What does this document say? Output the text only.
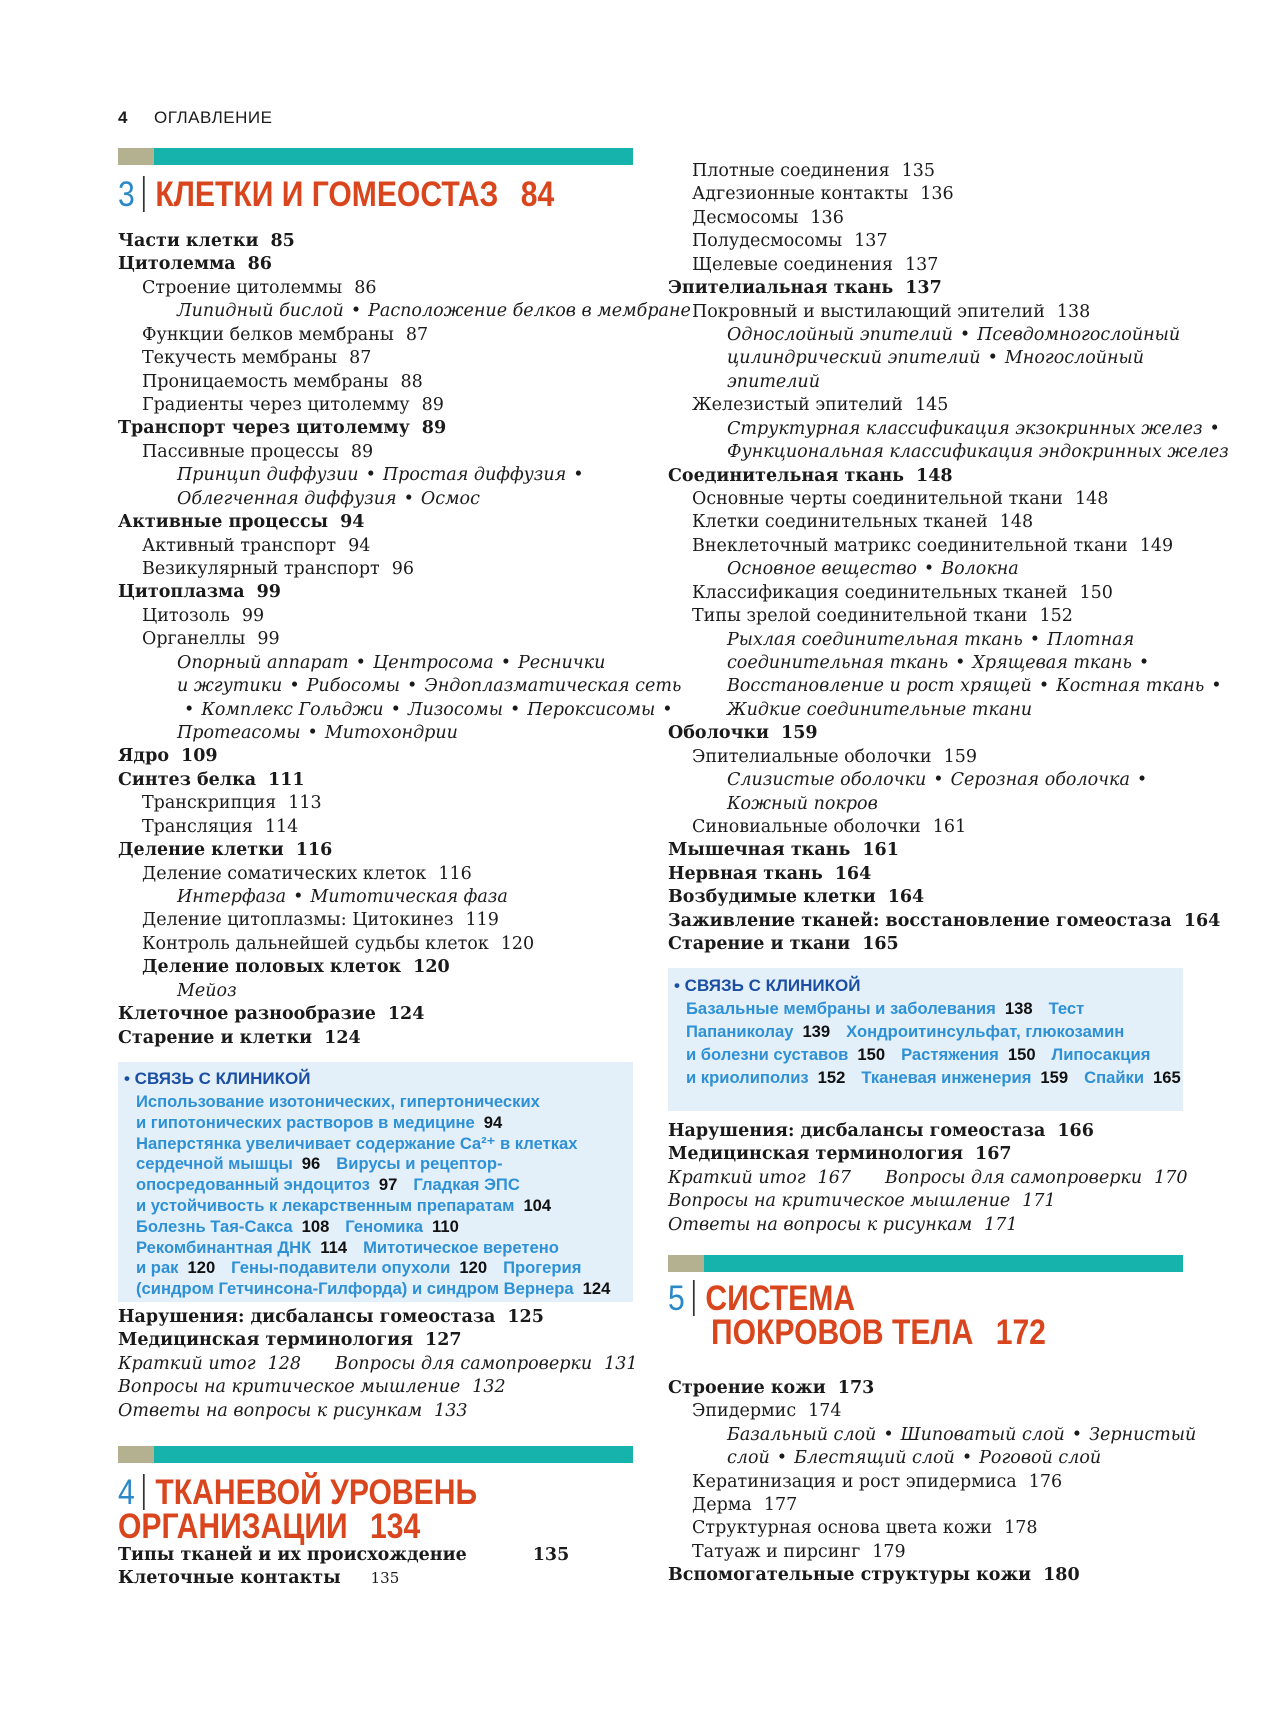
4 ОГЛАВЛЕНИЕ
3 КЛЕТКИ И ГОМЕОСТАЗ 84
Части клетки 85
Цитолемма 86
Строение цитолеммы 86
Липидный бислой • Расположение белков в мембране
Функции белков мембраны 87
Текучесть мембраны 87
Проницаемость мембраны 88
Градиенты через цитолемму 89
Транспорт через цитолемму 89
Пассивные процессы 89
Принцип диффузии • Простая диффузия •
Облегченная диффузия • Осмос
Активные процессы 94
Активный транспорт 94
Везикулярный транспорт 96
Цитоплазма 99
Цитозоль 99
Органеллы 99
Опорный аппарат • Центросома • Реснички
и жгутики • Рибосомы • Эндоплазматическая сеть
• Комплекс Гольджи • Лизосомы • Пероксисомы •
Протеасомы • Митохондрии
Ядро 109
Синтез белка 111
Транскрипция 113
Трансляция 114
Деление клетки 116
Деление соматических клеток 116
Интерфаза • Митотическая фаза
Деление цитоплазмы: Цитокинез 119
Контроль дальнейшей судьбы клеток 120
Деление половых клеток 120
Мейоз
Клеточное разнообразие 124
Старение и клетки 124
• СВЯЗЬ С КЛИНИКОЙ
Использование изотонических, гипертонических
и гипотонических растворов в медицине 94
Наперстянка увеличивает содержание Ca²⁺ в клетках
сердечной мышцы 96 Вирусы и рецептор-
опосредованный эндоцитоз 97 Гладкая ЭПС
и устойчивость к лекарственным препаратам 104
Болезнь Тая-Сакса 108 Геномика 110
Рекомбинантная ДНК 114 Митотическое веретено
и рак 120 Гены-подавители опухоли 120 Прогерия
(синдром Гетчинсона-Гилфорда) и синдром Вернера 124
Нарушения: дисбалансы гомеостаза 125
Медицинская терминология 127
Краткий итог 128 Вопросы для самопроверки 131
Вопросы на критическое мышление 132
Ответы на вопросы к рисункам 133
4 ТКАНЕВОЙ УРОВЕНЬ
ОРГАНИЗАЦИИ 134
Типы тканей и их происхождение	135
Клеточные контакты 135
Плотные соединения 135
Адгезионные контакты 136
Десмосомы 136
Полудесмосомы 137
Щелевые соединения 137
Эпителиальная ткань 137
Покровный и выстилающий эпителий 138
Однослойный эпителий • Псевдомногослойный
цилиндрический эпителий • Многослойный
эпителий
Железистый эпителий 145
Структурная классификация экзокринных желез •
Функциональная классификация эндокринных желез
Соединительная ткань 148
Основные черты соединительной ткани 148
Клетки соединительных тканей 148
Внеклеточный матрикс соединительной ткани 149
Основное вещество • Волокна
Классификация соединительных тканей 150
Типы зрелой соединительной ткани 152
Рыхлая соединительная ткань • Плотная
соединительная ткань • Хрящевая ткань •
Восстановление и рост хрящей • Костная ткань •
Жидкие соединительные ткани
Оболочки 159
Эпителиальные оболочки 159
Слизистые оболочки • Серозная оболочка •
Кожный покров
Синовиальные оболочки 161
Мышечная ткань 161
Нервная ткань 164
Возбудимые клетки 164
Заживление тканей: восстановление гомеостаза 164
Старение и ткани 165
• СВЯЗЬ С КЛИНИКОЙ
Базальные мембраны и заболевания 138 Тест
Папаниколау 139 Хондроитинсульфат, глюкозамин
и болезни суставов 150 Растяжения 150 Липосакция
и криолиполиз 152 Тканевая инженерия 159 Спайки 165
Нарушения: дисбалансы гомеостаза 166
Медицинская терминология 167
Краткий итог 167 Вопросы для самопроверки 170
Вопросы на критическое мышление 171
Ответы на вопросы к рисункам 171
5 СИСТЕМА
ПОКРОВОВ ТЕЛА 172
Строение кожи 173
Эпидермис 174
Базальный слой • Шиповатый слой • Зернистый
слой • Блестящий слой • Роговой слой
Кератинизация и рост эпидермиса 176
Дерма 177
Структурная основа цвета кожи 178
Татуаж и пирсинг 179
Вспомогательные структуры кожи 180
